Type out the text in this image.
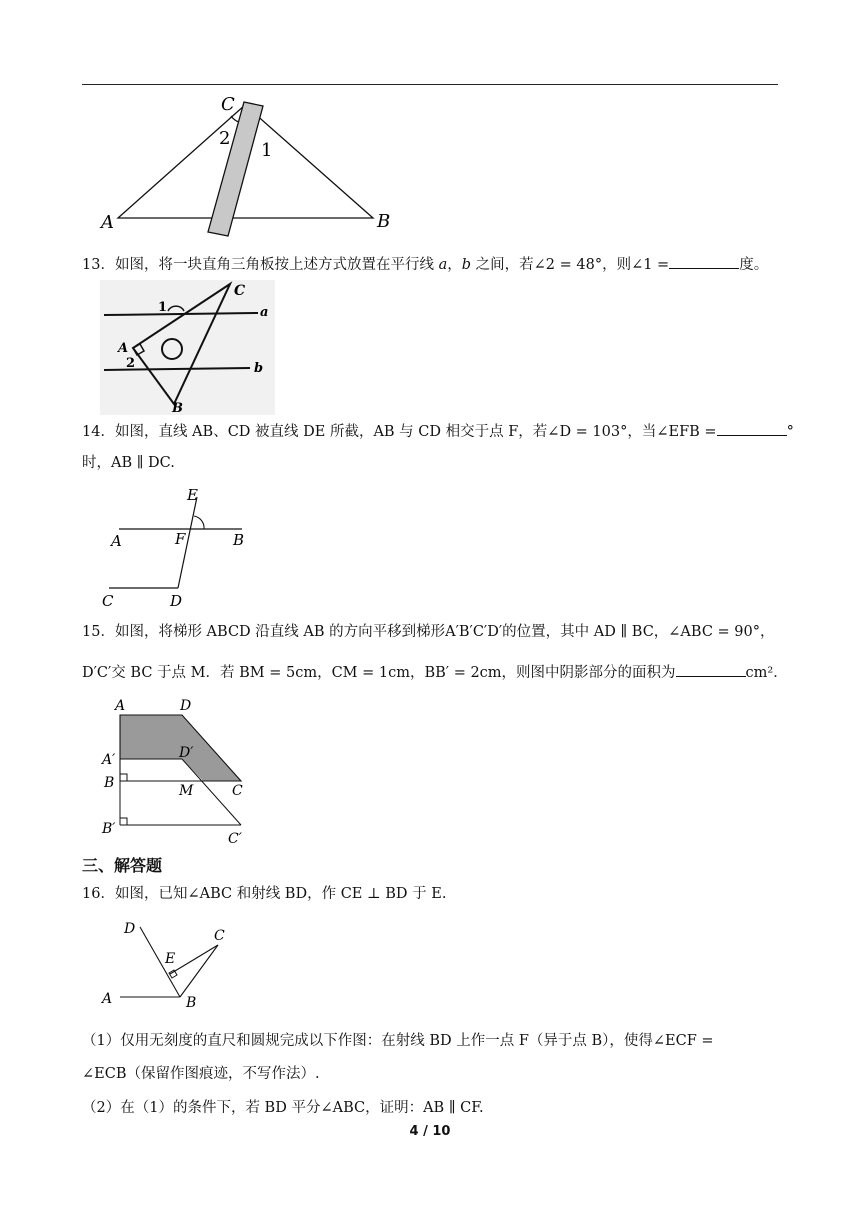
C
2
1
A	B
13．如图，将一块直角三角板按上述方式放置在平行线 a，b 之间，若∠2 = 48°，则∠1 =	度。
C
a
1
A
2	b
B
14．如图，直线 AB、CD 被直线 DE 所截，AB 与 CD 相交于点 F，若∠D = 103°，当∠EFB =	°
时，AB ∥ DC.
E
A	F	B
C	D
15．如图，将梯形 ABCD 沿直线 AB 的方向平移到梯形A′B′C′D′的位置，其中 AD ∥ BC，∠ABC = 90°，
D′C′交 BC 于点 M．若 BM = 5cm，CM = 1cm，BB′ = 2cm，则图中阴影部分的面积为	cm²．
A	D
A′	D′
B	M	C
B′
C′
三、解答题
16．如图，已知∠ABC 和射线 BD，作 CE ⊥ BD 于 E.
D	C
E
A	B
（1）仅用无刻度的直尺和圆规完成以下作图：在射线 BD 上作一点 F（异于点 B），使得∠ECF =
∠ECB（保留作图痕迹，不写作法）.
（2）在（1）的条件下，若 BD 平分∠ABC，证明：AB ∥ CF.
4 / 10
